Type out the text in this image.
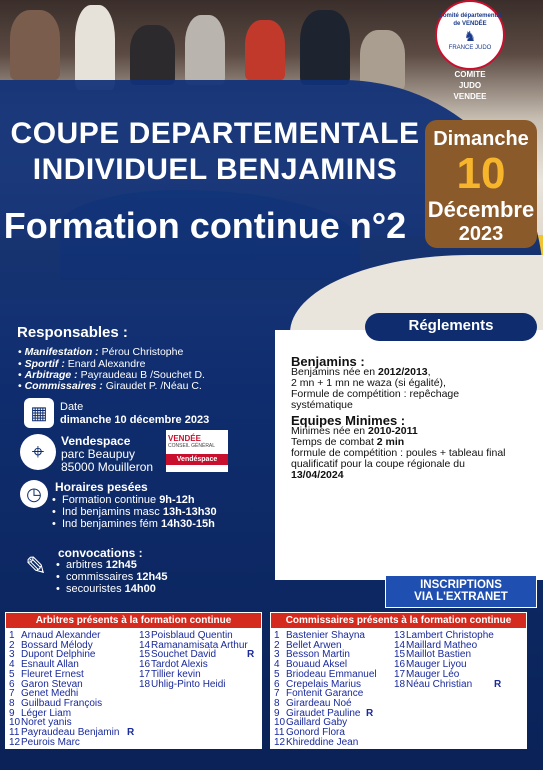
Comité départemental de VENDÉE
♞
FRANCE JUDO
COMITE
JUDO
VENDEE
COUPE DEPARTEMENTALE
INDIVIDUEL BENJAMINS
Formation continue n°2
Dimanche
10
Décembre
2023
Responsables :
• Manifestation : Pérou Christophe
• Sportif : Enard Alexandre
• Arbitrage : Payraudeau B /Souchet D.
• Commissaires : Giraudet P. /Néau C.
▦	Date
dimanche 10 décembre 2023
⌖	Vendespace
parc Beaupuy
85000 Mouilleron
VENDÉE
CONSEIL GÉNÉRAL
Vendéspace
◷	Horaires pesées
•  Formation continue 9h-12h
•  Ind benjamins masc 13h-13h30
•  Ind benjamines fém 14h30-15h
✎ convocations :
•  arbitres 12h45
•  commissaires 12h45
•  secouristes 14h00
Réglements
Benjamins :
Benjamins née en 2012/2013,
2 mn + 1 mn ne waza (si égalité),
Formule de compétition : repêchage
systématique
Equipes Minimes :
Minimes née en 2010-2011
Temps de combat 2 min
formule de compétition : poules + tableau final
qualificatif pour la coupe régionale du
13/04/2024
INSCRIPTIONS
VIA L'EXTRANET
Arbitres présents à la formation continue
1 Arnaud Alexander
2 Bossard Mélody
3 Dupont Delphine
4 Esnault Allan
5 Fleuret Ernest
6 Garon Stevan
7 Genet Medhi
8 Guilbaud François
9 Léger Liam
10Noret yanis
11 Payraudeau Benjamin R
12Peurois Marc
13Poisblaud Quentin
14Ramanamisata Arthur
15Souchet David	R
16Tardot Alexis
17Tillier kevin
18Uhlig-Pinto Heidi
Commissaires présents à la formation continue
1 Bastenier Shayna
2 Bellet Arwen
3 Besson Martin
4 Bouaud Aksel
5 Briodeau Emmanuel
6 Crepelais Marius
7 Fontenit Garance
8 Girardeau Noé
9 Giraudet Pauline R
10Gaillard Gaby
11 Gonord Flora
12Khireddine Jean
13Lambert Christophe
14Maillard Matheo
15Maillot Bastien
16Mauger Liyou
17Mauger Léo
18Néau Christian R
